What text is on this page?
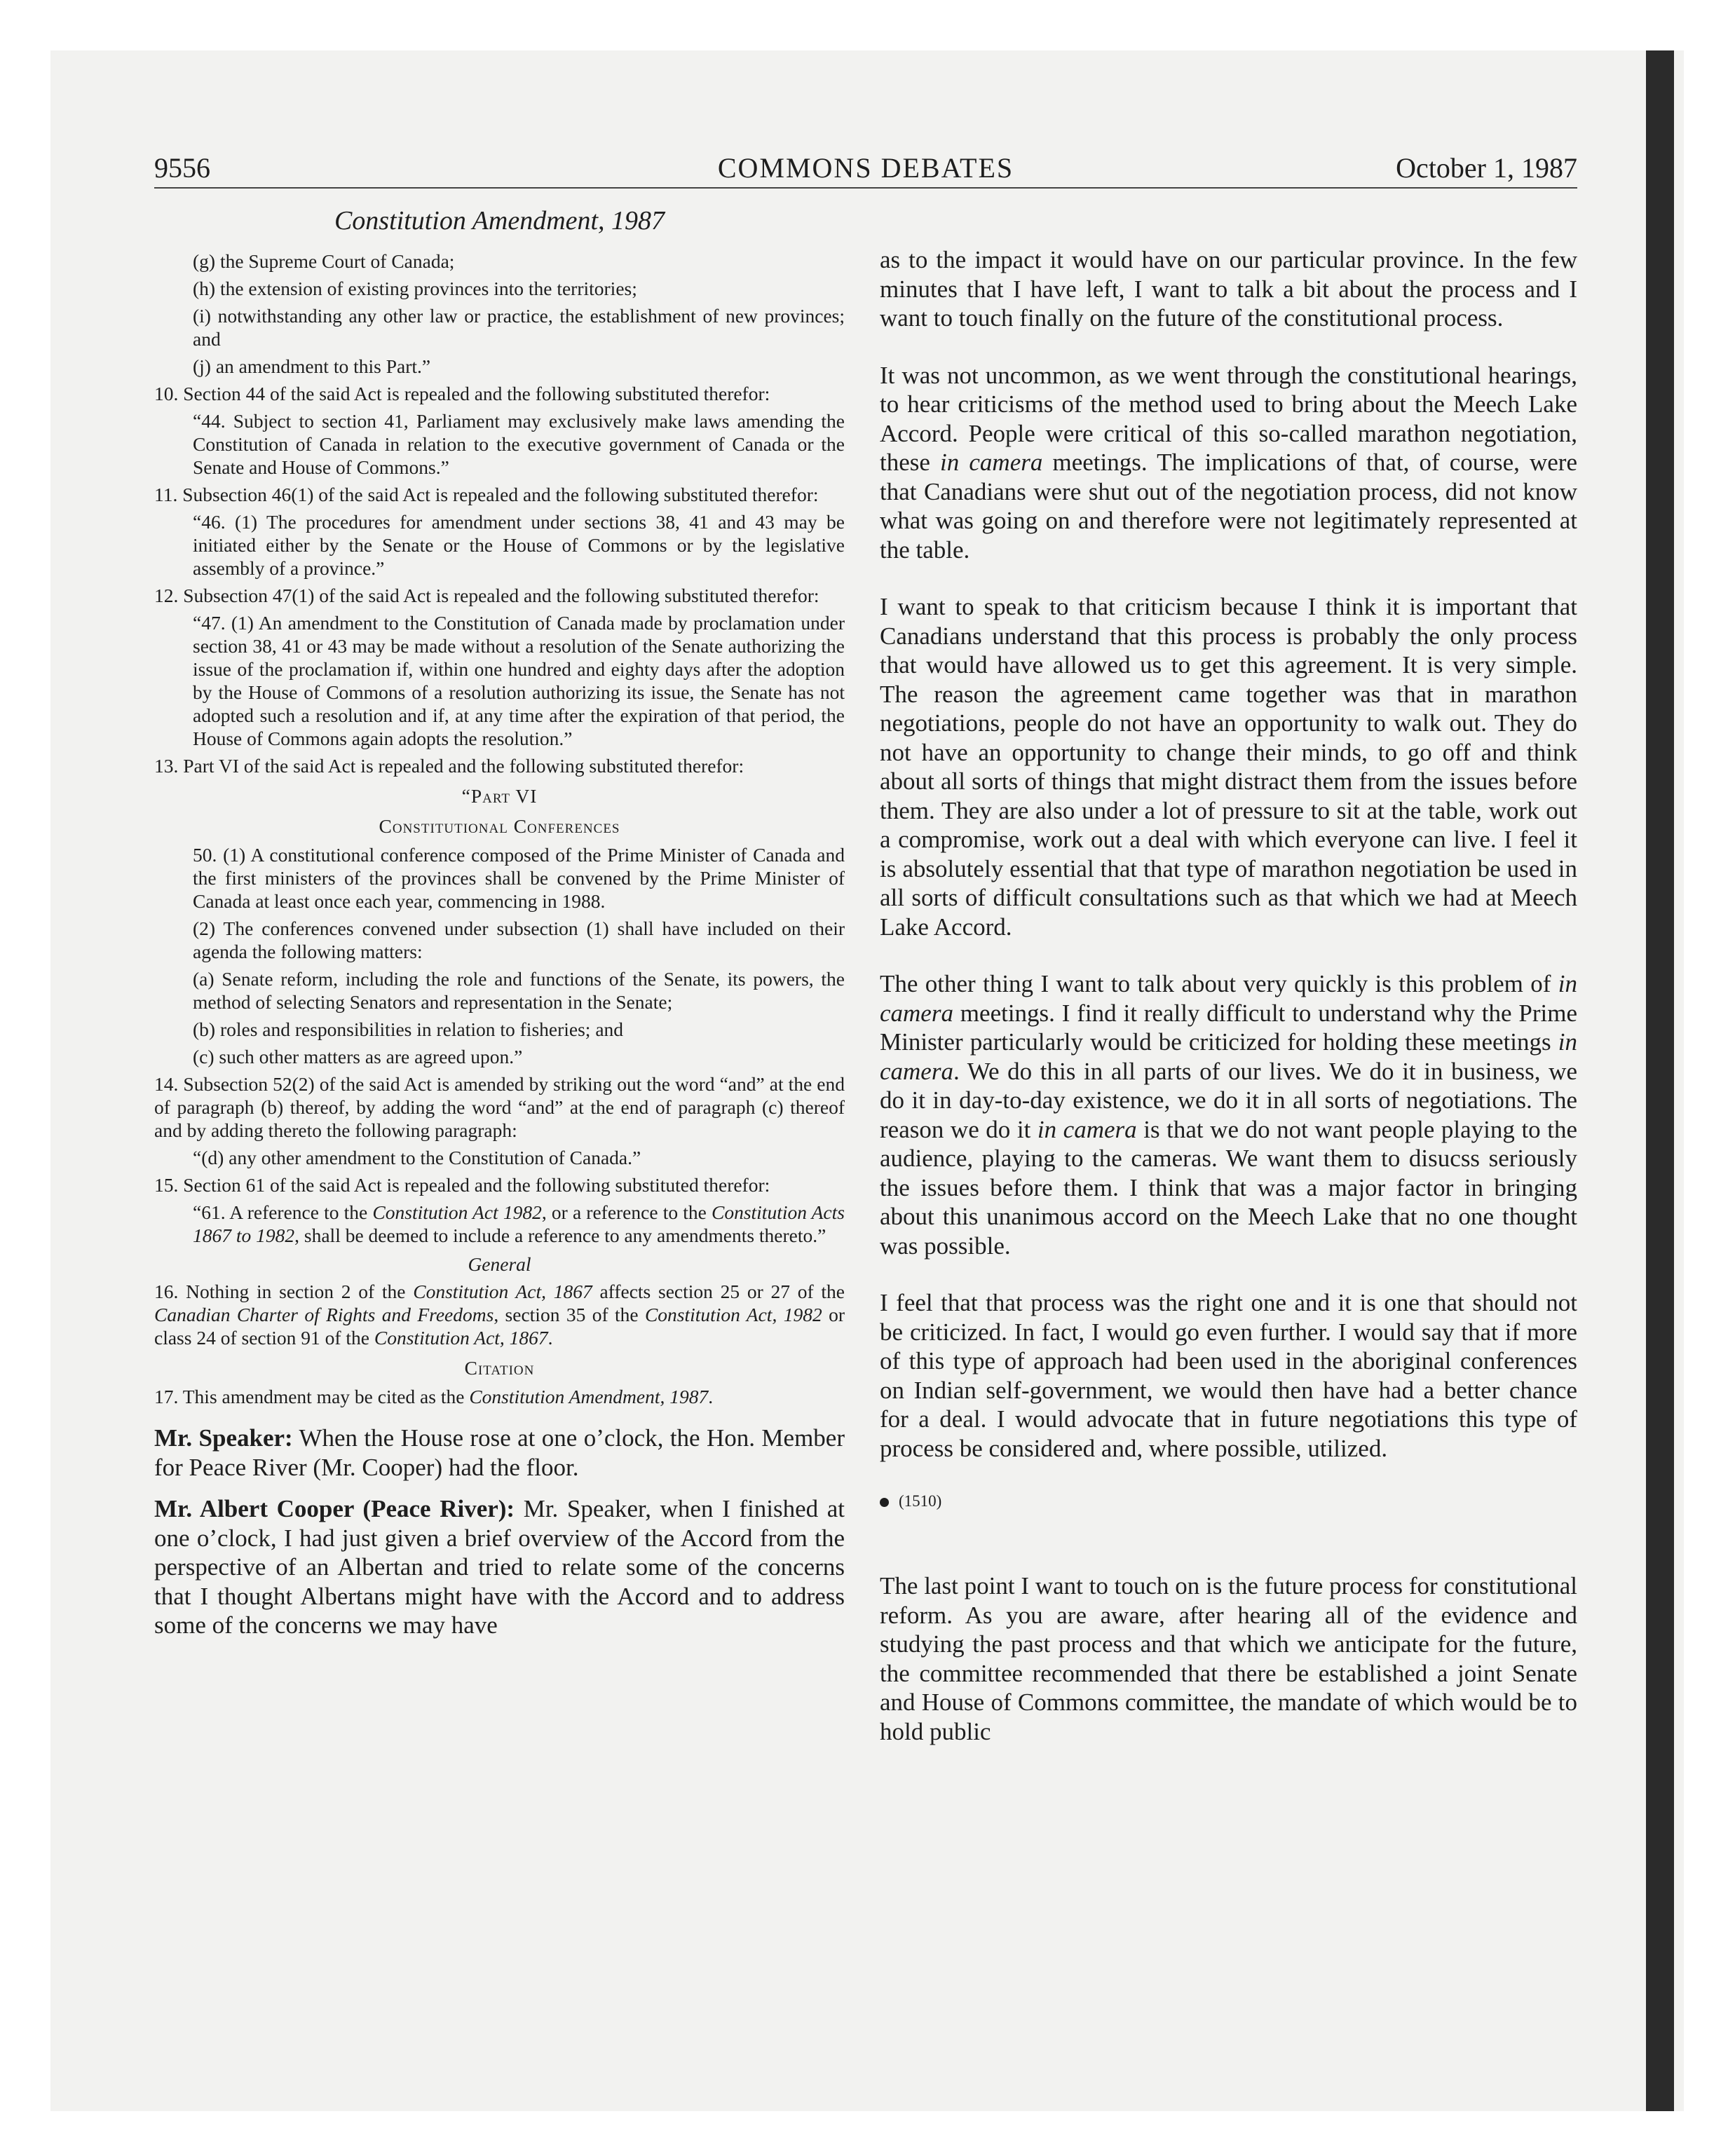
9556	COMMONS DEBATES	October 1, 1987
Constitution Amendment, 1987

(g) the Supreme Court of Canada;

(h) the extension of existing provinces into the territories;

(i) notwithstanding any other law or practice, the establishment of new provinces; and

(j) an amendment to this Part.”

10. Section 44 of the said Act is repealed and the following substituted therefor:

“44. Subject to section 41, Parliament may exclusively make laws amending the Constitution of Canada in relation to the executive government of Canada or the Senate and House of Commons.”

11. Subsection 46(1) of the said Act is repealed and the following substituted therefor:

“46. (1) The procedures for amendment under sections 38, 41 and 43 may be initiated either by the Senate or the House of Commons or by the legislative assembly of a province.”

12. Subsection 47(1) of the said Act is repealed and the following substituted therefor:

“47. (1) An amendment to the Constitution of Canada made by proclamation under section 38, 41 or 43 may be made without a resolution of the Senate authorizing the issue of the proclamation if, within one hundred and eighty days after the adoption by the House of Commons of a resolution authorizing its issue, the Senate has not adopted such a resolution and if, at any time after the expiration of that period, the House of Commons again adopts the resolution.”

13. Part VI of the said Act is repealed and the following substituted therefor:

“Part VI

Constitutional Conferences

50. (1) A constitutional conference composed of the Prime Minister of Canada and the first ministers of the provinces shall be convened by the Prime Minister of Canada at least once each year, commencing in 1988.

(2) The conferences convened under subsection (1) shall have included on their agenda the following matters:

(a) Senate reform, including the role and functions of the Senate, its powers, the method of selecting Senators and representation in the Senate;

(b) roles and responsibilities in relation to fisheries; and

(c) such other matters as are agreed upon.”

14. Subsection 52(2) of the said Act is amended by striking out the word “and” at the end of paragraph (b) thereof, by adding the word “and” at the end of paragraph (c) thereof and by adding thereto the following paragraph:

“(d) any other amendment to the Constitution of Canada.”

15. Section 61 of the said Act is repealed and the following substituted therefor:

“61. A reference to the Constitution Act 1982, or a reference to the Constitution Acts 1867 to 1982, shall be deemed to include a reference to any amendments thereto.”

General

16. Nothing in section 2 of the Constitution Act, 1867 affects section 25 or 27 of the Canadian Charter of Rights and Freedoms, section 35 of the Constitution Act, 1982 or class 24 of section 91 of the Constitution Act, 1867.

Citation

17. This amendment may be cited as the Constitution Amendment, 1987.

Mr. Speaker: When the House rose at one o’clock, the Hon. Member for Peace River (Mr. Cooper) had the floor.

Mr. Albert Cooper (Peace River): Mr. Speaker, when I finished at one o’clock, I had just given a brief overview of the Accord from the perspective of an Albertan and tried to relate some of the concerns that I thought Albertans might have with the Accord and to address some of the concerns we may have

as to the impact it would have on our particular province. In the few minutes that I have left, I want to talk a bit about the process and I want to touch finally on the future of the constitutional process.

It was not uncommon, as we went through the constitutional hearings, to hear criticisms of the method used to bring about the Meech Lake Accord. People were critical of this so-called marathon negotiation, these in camera meetings. The implications of that, of course, were that Canadians were shut out of the negotiation process, did not know what was going on and therefore were not legitimately represented at the table.

I want to speak to that criticism because I think it is important that Canadians understand that this process is probably the only process that would have allowed us to get this agreement. It is very simple. The reason the agreement came together was that in marathon negotiations, people do not have an opportunity to walk out. They do not have an opportunity to change their minds, to go off and think about all sorts of things that might distract them from the issues before them. They are also under a lot of pressure to sit at the table, work out a compromise, work out a deal with which everyone can live. I feel it is absolutely essential that that type of marathon negotiation be used in all sorts of difficult consultations such as that which we had at Meech Lake Accord.

The other thing I want to talk about very quickly is this problem of in camera meetings. I find it really difficult to understand why the Prime Minister particularly would be criticized for holding these meetings in camera. We do this in all parts of our lives. We do it in business, we do it in day-to-day existence, we do it in all sorts of negotiations. The reason we do it in camera is that we do not want people playing to the audience, playing to the cameras. We want them to disucss seriously the issues before them. I think that was a major factor in bringing about this unanimous accord on the Meech Lake that no one thought was possible.

I feel that that process was the right one and it is one that should not be criticized. In fact, I would go even further. I would say that if more of this type of approach had been used in the aboriginal conferences on Indian self-government, we would then have had a better chance for a deal. I would advocate that in future negotiations this type of process be considered and, where possible, utilized.

(1510)

The last point I want to touch on is the future process for constitutional reform. As you are aware, after hearing all of the evidence and studying the past process and that which we anticipate for the future, the committee recommended that there be established a joint Senate and House of Commons committee, the mandate of which would be to hold public
